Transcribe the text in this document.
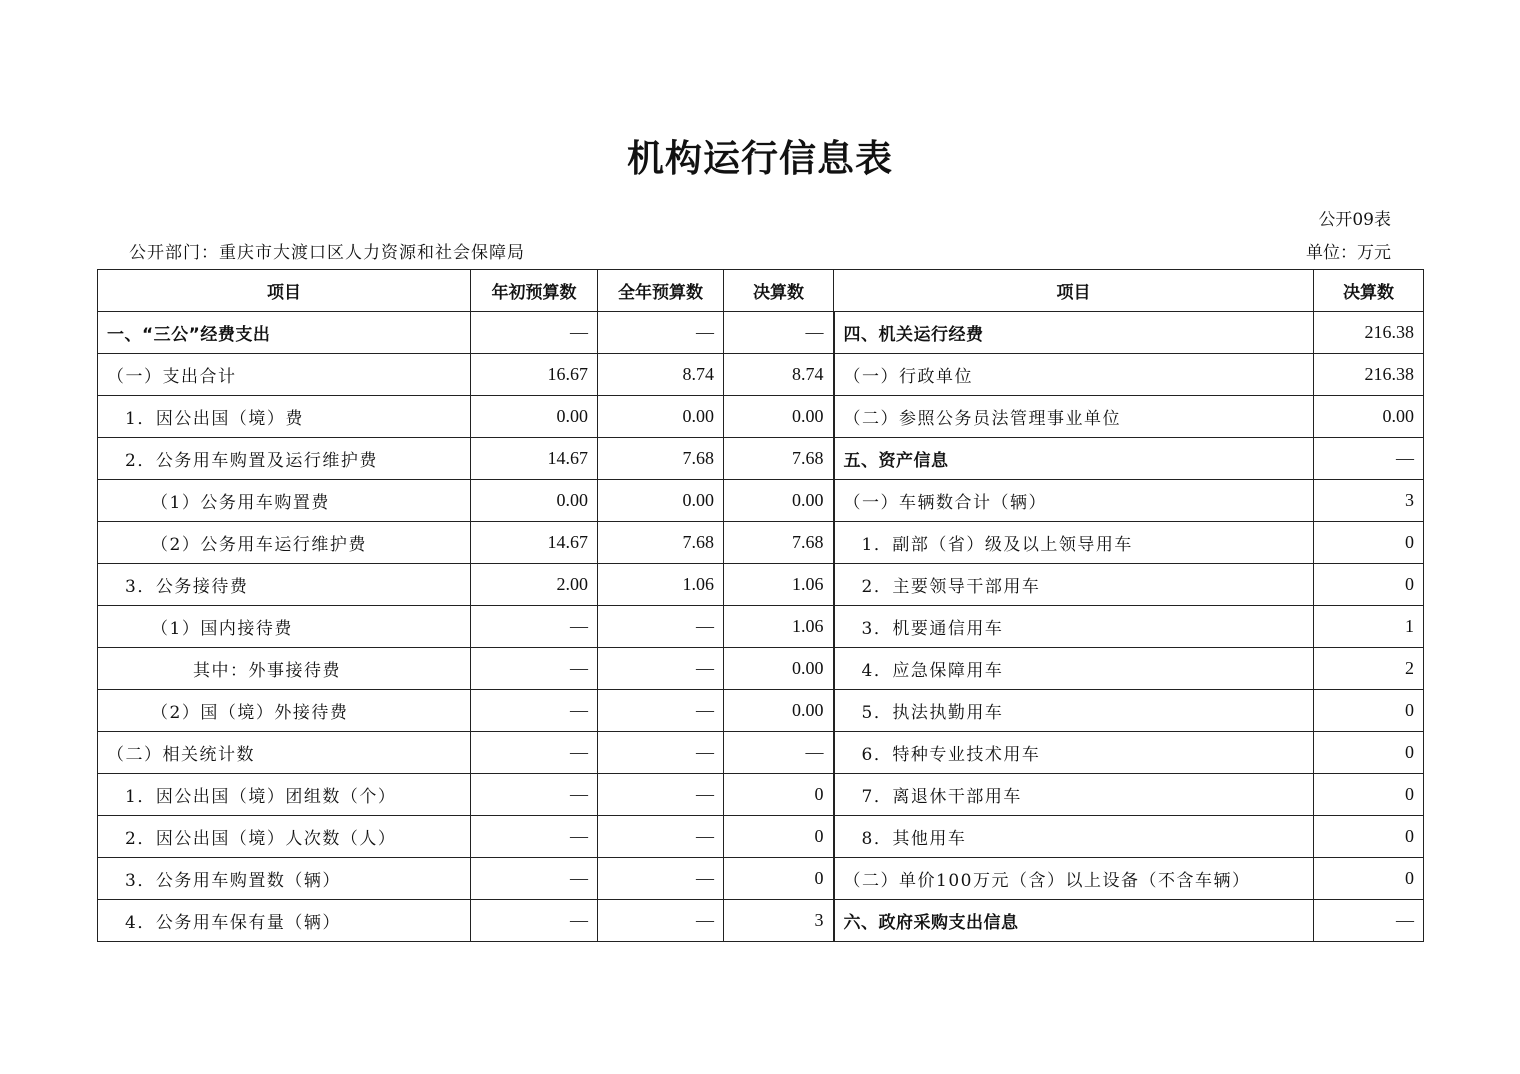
机构运行信息表
公开09表
公开部门：重庆市大渡口区人力资源和社会保障局	单位：万元
项目	年初预算数	全年预算数	决算数	项目	决算数
一、“三公”经费支出	—	—	—	四、机关运行经费	216.38
（一）支出合计	16.67	8.74	8.74	（一）行政单位	216.38
1．因公出国（境）费	0.00	0.00	0.00	（二）参照公务员法管理事业单位	0.00
2．公务用车购置及运行维护费	14.67	7.68	7.68	五、资产信息	—
（1）公务用车购置费	0.00	0.00	0.00	（一）车辆数合计（辆）	3
（2）公务用车运行维护费	14.67	7.68	7.68	1．副部（省）级及以上领导用车	0
3．公务接待费	2.00	1.06	1.06	2．主要领导干部用车	0
（1）国内接待费	—	—	1.06	3．机要通信用车	1
其中：外事接待费	—	—	0.00	4．应急保障用车	2
（2）国（境）外接待费	—	—	0.00	5．执法执勤用车	0
（二）相关统计数	—	—	—	6．特种专业技术用车	0
1．因公出国（境）团组数（个）	—	—	0	7．离退休干部用车	0
2．因公出国（境）人次数（人）	—	—	0	8．其他用车	0
3．公务用车购置数（辆）	—	—	0	（二）单价100万元（含）以上设备（不含车辆）	0
4．公务用车保有量（辆）	—	—	3	六、政府采购支出信息	—
